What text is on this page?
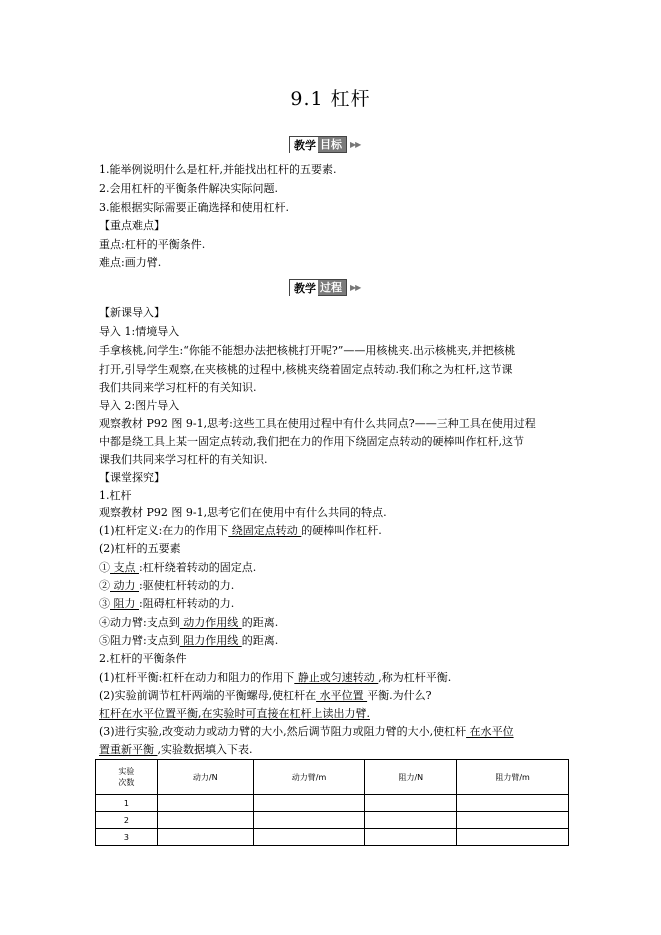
9.1 杠杆
教学 目标	▶▶
1.能举例说明什么是杠杆,并能找出杠杆的五要素.
2.会用杠杆的平衡条件解决实际问题.
3.能根据实际需要正确选择和使用杠杆.
【重点难点】
重点:杠杆的平衡条件.
难点:画力臂.
教学 过程	▶▶
【新课导入】
导入 1:情境导入
手拿核桃,问学生:“你能不能想办法把核桃打开呢?”——用核桃夹.出示核桃夹,并把核桃
打开,引导学生观察,在夹核桃的过程中,核桃夹绕着固定点转动.我们称之为杠杆,这节课
我们共同来学习杠杆的有关知识.
导入 2:图片导入
观察教材 P92 图 9-1,思考:这些工具在使用过程中有什么共同点?——三种工具在使用过程
中都是绕工具上某一固定点转动,我们把在力的作用下绕固定点转动的硬棒叫作杠杆,这节
课我们共同来学习杠杆的有关知识.
【课堂探究】
1.杠杆
观察教材 P92 图 9-1,思考它们在使用中有什么共同的特点.
(1)杠杆定义:在力的作用下 绕固定点转动 的硬棒叫作杠杆.
(2)杠杆的五要素
① 支点 :杠杆绕着转动的固定点.
② 动力 :驱使杠杆转动的力.
③ 阻力 :阻碍杠杆转动的力.
④动力臂:支点到 动力作用线 的距离.
⑤阻力臂:支点到 阻力作用线 的距离.
2.杠杆的平衡条件
(1)杠杆平衡:杠杆在动力和阻力的作用下 静止或匀速转动 ,称为杠杆平衡.
(2)实验前调节杠杆两端的平衡螺母,使杠杆在 水平位置 平衡.为什么?
杠杆在水平位置平衡,在实验时可直接在杠杆上读出力臂.
(3)进行实验,改变动力或动力臂的大小,然后调节阻力或阻力臂的大小,使杠杆 在水平位
置重新平衡 ,实验数据填入下表.
实验
次数	动力/N	动力臂/m	阻力/N	阻力臂/m
1				
2				
3				
